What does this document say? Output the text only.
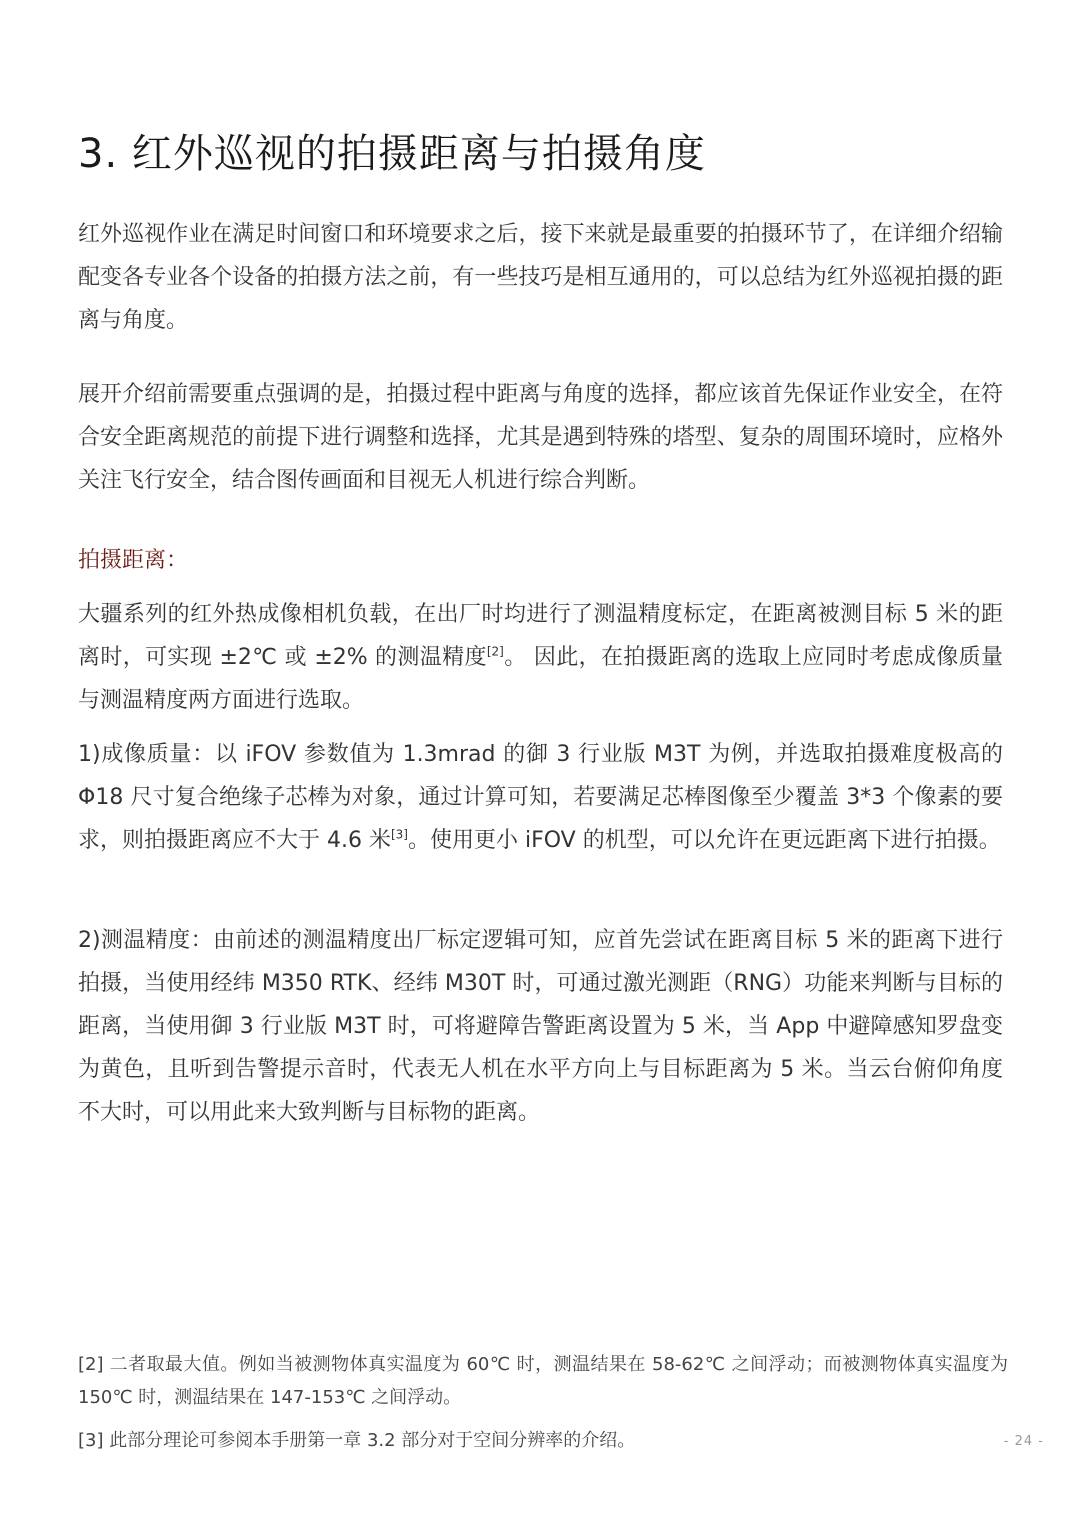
3. 红外巡视的拍摄距离与拍摄角度

红外巡视作业在满足时间窗口和环境要求之后，接下来就是最重要的拍摄环节了，在详细介绍输配变各专业各个设备的拍摄方法之前，有一些技巧是相互通用的，可以总结为红外巡视拍摄的距离与角度。

展开介绍前需要重点强调的是，拍摄过程中距离与角度的选择，都应该首先保证作业安全，在符合安全距离规范的前提下进行调整和选择，尤其是遇到特殊的塔型、复杂的周围环境时，应格外关注飞行安全，结合图传画面和目视无人机进行综合判断。

拍摄距离：

大疆系列的红外热成像相机负载，在出厂时均进行了测温精度标定，在距离被测目标 5 米的距离时，可实现 ±2℃ 或 ±2% 的测温精度[2]。 因此，在拍摄距离的选取上应同时考虑成像质量与测温精度两方面进行选取。

1)成像质量：以 iFOV 参数值为 1.3mrad 的御 3 行业版 M3T 为例，并选取拍摄难度极高的 Φ18 尺寸复合绝缘子芯棒为对象，通过计算可知，若要满足芯棒图像至少覆盖 3*3 个像素的要求，则拍摄距离应不大于 4.6 米[3]。使用更小 iFOV 的机型，可以允许在更远距离下进行拍摄。

2)测温精度：由前述的测温精度出厂标定逻辑可知，应首先尝试在距离目标 5 米的距离下进行拍摄，当使用经纬 M350 RTK、经纬 M30T 时，可通过激光测距（RNG）功能来判断与目标的距离，当使用御 3 行业版 M3T 时，可将避障告警距离设置为 5 米，当 App 中避障感知罗盘变为黄色，且听到告警提示音时，代表无人机在水平方向上与目标距离为 5 米。当云台俯仰角度不大时，可以用此来大致判断与目标物的距离。

[2] 二者取最大值。例如当被测物体真实温度为 60℃ 时，测温结果在 58-62℃ 之间浮动；而被测物体真实温度为 150℃ 时，测温结果在 147-153℃ 之间浮动。

[3] 此部分理论可参阅本手册第一章 3.2 部分对于空间分辨率的介绍。	- 24 -
